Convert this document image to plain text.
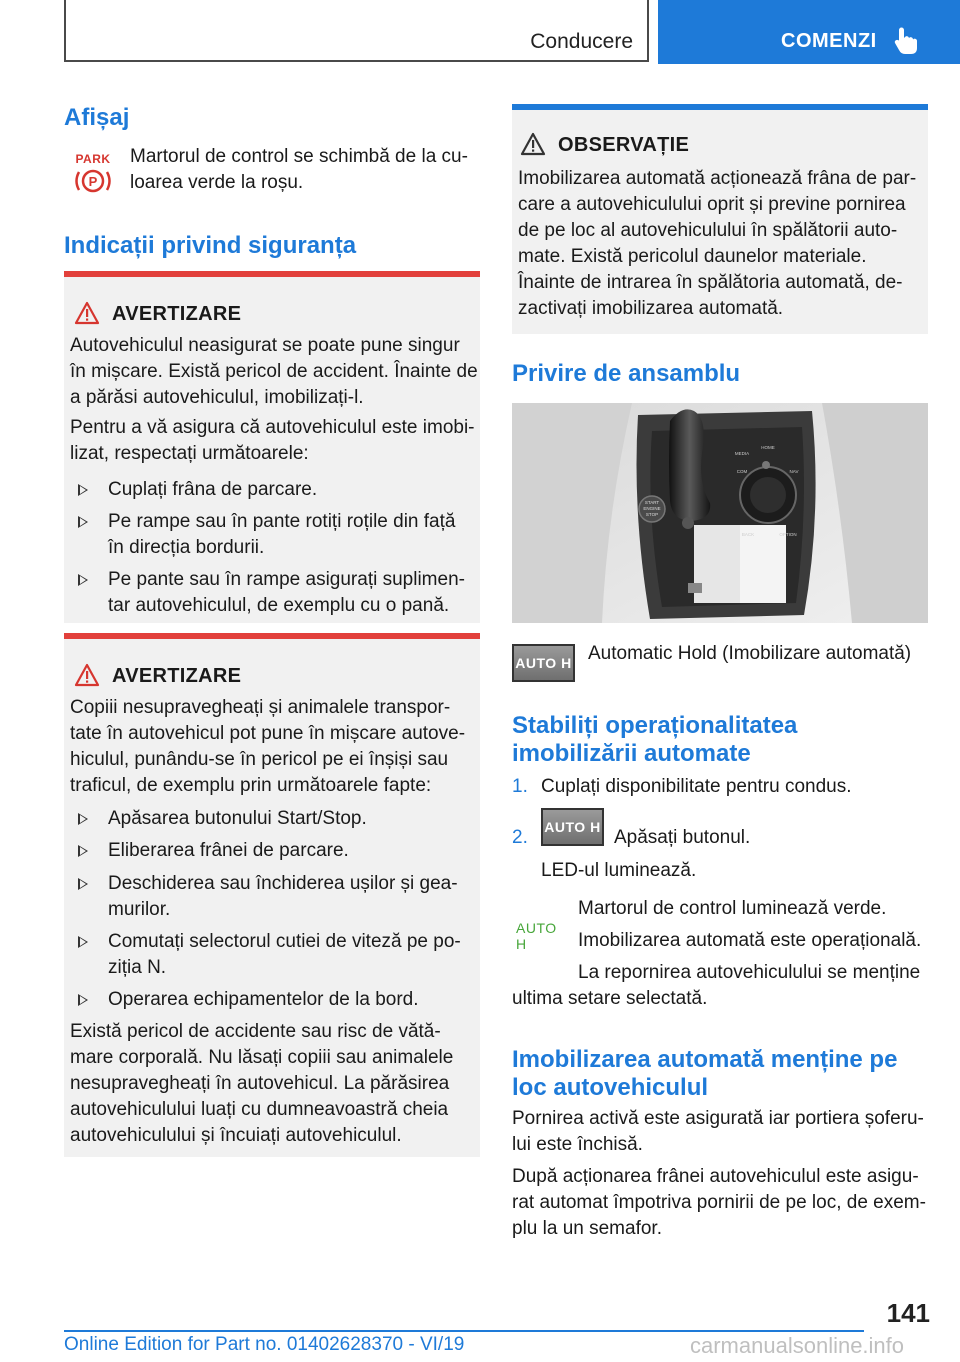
Conducere	COMENZI
Afișaj
PARK
P

Martorul de control se schimbă de la cu-

loarea verde la roșu.

Indicații privind siguranța
AVERTIZARE

Autovehiculul neasigurat se poate pune singur

în mișcare. Există pericol de accident. Înainte de

a părăsi autovehiculul, imobilizați-l.

Pentru a vă asigura că autovehiculul este imobi-

lizat, respectați următoarele:

Cuplați frâna de parcare.
Pe rampe sau în pante rotiți roțile din față
în direcția bordurii.
Pe pante sau în rampe asigurați suplimen-
tar autovehiculul, de exemplu cu o pană.
AVERTIZARE

Copiii nesupravegheați și animalele transpor-

tate în autovehicul pot pune în mișcare autove-

hiculul, punându-se în pericol pe ei înșiși sau

traficul, de exemplu prin următoarele fapte:

Apăsarea butonului Start/Stop.
Eliberarea frânei de parcare.
Deschiderea sau închiderea ușilor și gea-
murilor.
Comutați selectorul cutiei de viteză pe po-
ziția N.
Operarea echipamentelor de la bord.

Există pericol de accidente sau risc de vătă-

mare corporală. Nu lăsați copiii sau animalele

nesupravegheați în autovehicul. La părăsirea

autovehiculului luați cu dumneavoastră cheia

autovehiculului și încuiați autovehiculul.

OBSERVAȚIE

Imobilizarea automată acționează frâna de par-

care a autovehiculului oprit și previne pornirea

de pe loc al autovehiculului în spălătorii auto-

mate. Există pericolul daunelor materiale.

Înainte de intrarea în spălătoria automată, de-

zactivați imobilizarea automată.

Privire de ansamblu
START
ENGINE
STOP
HOME
MEDIA
COM	NAV
BACK	OPTION
AUTO H Automatic Hold (Imobilizare automată)

Stabiliți operaționalitatea
imobilizării automate

1. Cuplați disponibilitate pentru condus.

2. AUTO H Apăsați butonul.

LED-ul luminează.

AUTO H

Martorul de control luminează verde.

Imobilizarea automată este operațională.

La repornirea autovehiculului se menține

ultima setare selectată.

Imobilizarea automată menține pe
loc autovehiculul

Pornirea activă este asigurată iar portiera șoferu-

lui este închisă.

După acționarea frânei autovehiculul este asigu-

rat automat împotriva pornirii de pe loc, de exem-

plu la un semafor.

141
Online Edition for Part no. 01402628370 - VI/19	carmanualsonline.info
